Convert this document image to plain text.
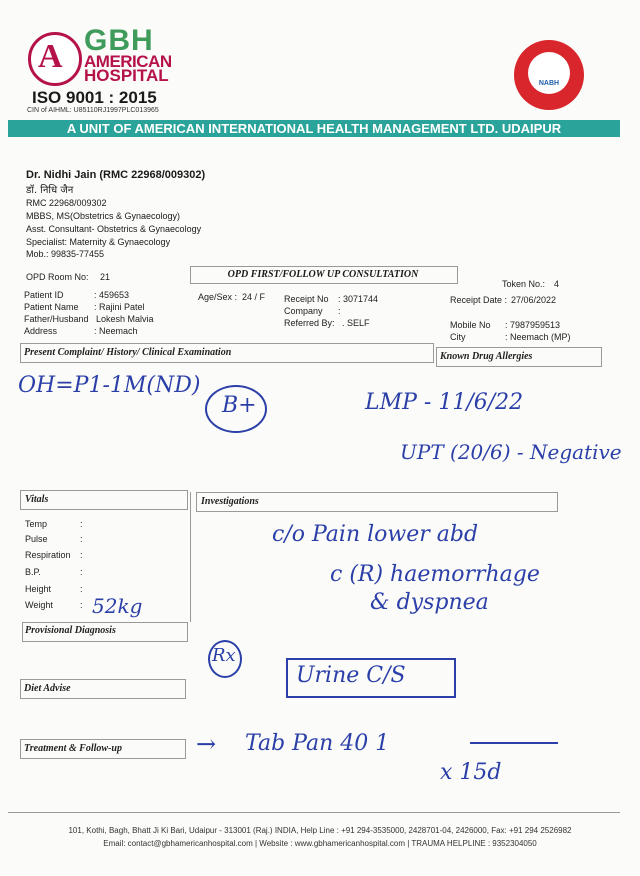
A GBH
AMERICAN
HOSPITAL
ISO 9001 : 2015
CIN of AIHML: U85110RJ1997PLC013965
NABH
A UNIT OF AMERICAN INTERNATIONAL HEALTH MANAGEMENT LTD. UDAIPUR
Dr. Nidhi Jain (RMC 22968/009302)
डॉ. निधि जैन
RMC 22968/009302
MBBS, MS(Obstetrics & Gynaecology)
Asst. Consultant- Obstetrics & Gynaecology
Specialist: Maternity & Gynaecology
Mob.: 99835-77455
OPD Room No: 21	OPD FIRST/FOLLOW UP CONSULTATION
Token No.: 4
Patient ID	: 459653
Patient Name : Rajini Patel
Father/Husband Lokesh Malvia
Address	: Neemach
Age/Sex : 24 / F Receipt No : 3071744
Company :
Referred By: . SELF
Receipt Date : 27/06/2022
Mobile No : 7987959513
City	: Neemach (MP)
Present Complaint/ History/ Clinical Examination	Known Drug Allergies
Vitals	Investigations
Temp	:
Pulse	:
Respiration :
B.P.	:
Height	:
Weight	:
Provisional Diagnosis
Diet Advise
Treatment & Follow-up
OH=P1-1M(ND)
B+	LMP - 11/6/22
UPT (20/6) - Negative
52kg
c/o Pain lower abd
c (R) haemorrhage
& dyspnea
Rx
Urine C/S
→ Tab Pan 40 1
x 15d
101, Kothi, Bagh, Bhatt Ji Ki Bari, Udaipur - 313001 (Raj.) INDIA, Help Line : +91 294-3535000, 2428701-04, 2426000, Fax: +91 294 2526982
Email: contact@gbhamericanhospital.com | Website : www.gbhamericanhospital.com | TRAUMA HELPLINE : 9352304050
